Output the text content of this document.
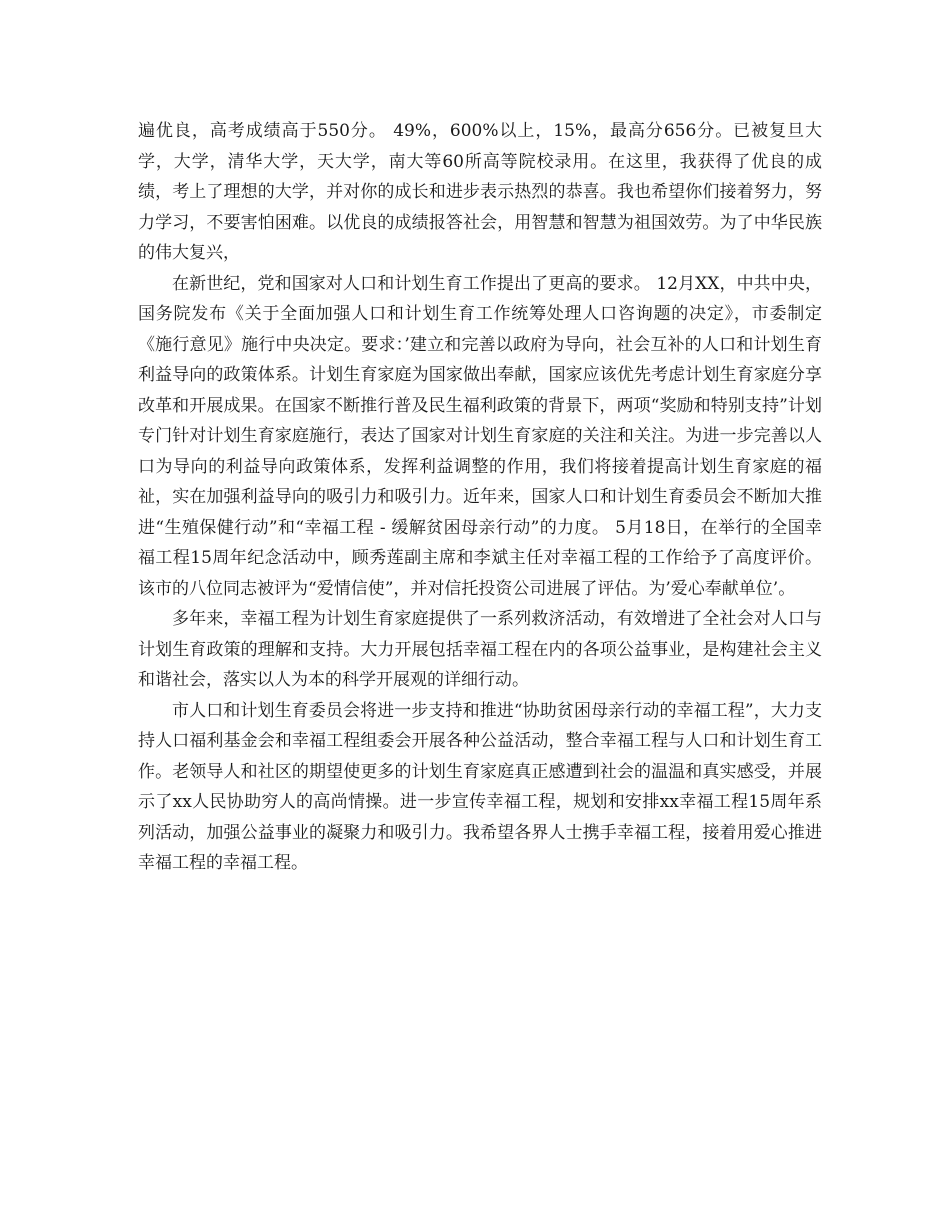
遍优良，高考成绩高于550分。 49%，600%以上，15%，最高分656分。已被复旦大学，大学，清华大学，天大学，南大等60所高等院校录用。在这里，我获得了优良的成绩，考上了理想的大学，并对你的成长和进步表示热烈的恭喜。我也希望你们接着努力，努力学习，不要害怕困难。以优良的成绩报答社会，用智慧和智慧为祖国效劳。为了中华民族的伟大复兴，

在新世纪，党和国家对人口和计划生育工作提出了更高的要求。 12月XX，中共中央，国务院发布《关于全面加强人口和计划生育工作统筹处理人口咨询题的决定》，市委制定《施行意见》施行中央决定。要求：’建立和完善以政府为导向，社会互补的人口和计划生育利益导向的政策体系。计划生育家庭为国家做出奉献，国家应该优先考虑计划生育家庭分享改革和开展成果。在国家不断推行普及民生福利政策的背景下，两项“奖励和特别支持”计划专门针对计划生育家庭施行，表达了国家对计划生育家庭的关注和关注。为进一步完善以人口为导向的利益导向政策体系，发挥利益调整的作用，我们将接着提高计划生育家庭的福祉，实在加强利益导向的吸引力和吸引力。近年来，国家人口和计划生育委员会不断加大推进“生殖保健行动”和“幸福工程 - 缓解贫困母亲行动”的力度。 5月18日，在举行的全国幸福工程15周年纪念活动中，顾秀莲副主席和李斌主任对幸福工程的工作给予了高度评价。该市的八位同志被评为“爱情信使”，并对信托投资公司进展了评估。为’爱心奉献单位’。

多年来，幸福工程为计划生育家庭提供了一系列救济活动，有效增进了全社会对人口与计划生育政策的理解和支持。大力开展包括幸福工程在内的各项公益事业，是构建社会主义和谐社会，落实以人为本的科学开展观的详细行动。

市人口和计划生育委员会将进一步支持和推进“协助贫困母亲行动的幸福工程”，大力支持人口福利基金会和幸福工程组委会开展各种公益活动，整合幸福工程与人口和计划生育工作。老领导人和社区的期望使更多的计划生育家庭真正感遭到社会的温温和真实感受，并展示了xx人民协助穷人的高尚情操。进一步宣传幸福工程，规划和安排xx幸福工程15周年系列活动，加强公益事业的凝聚力和吸引力。我希望各界人士携手幸福工程，接着用爱心推进幸福工程的幸福工程。
